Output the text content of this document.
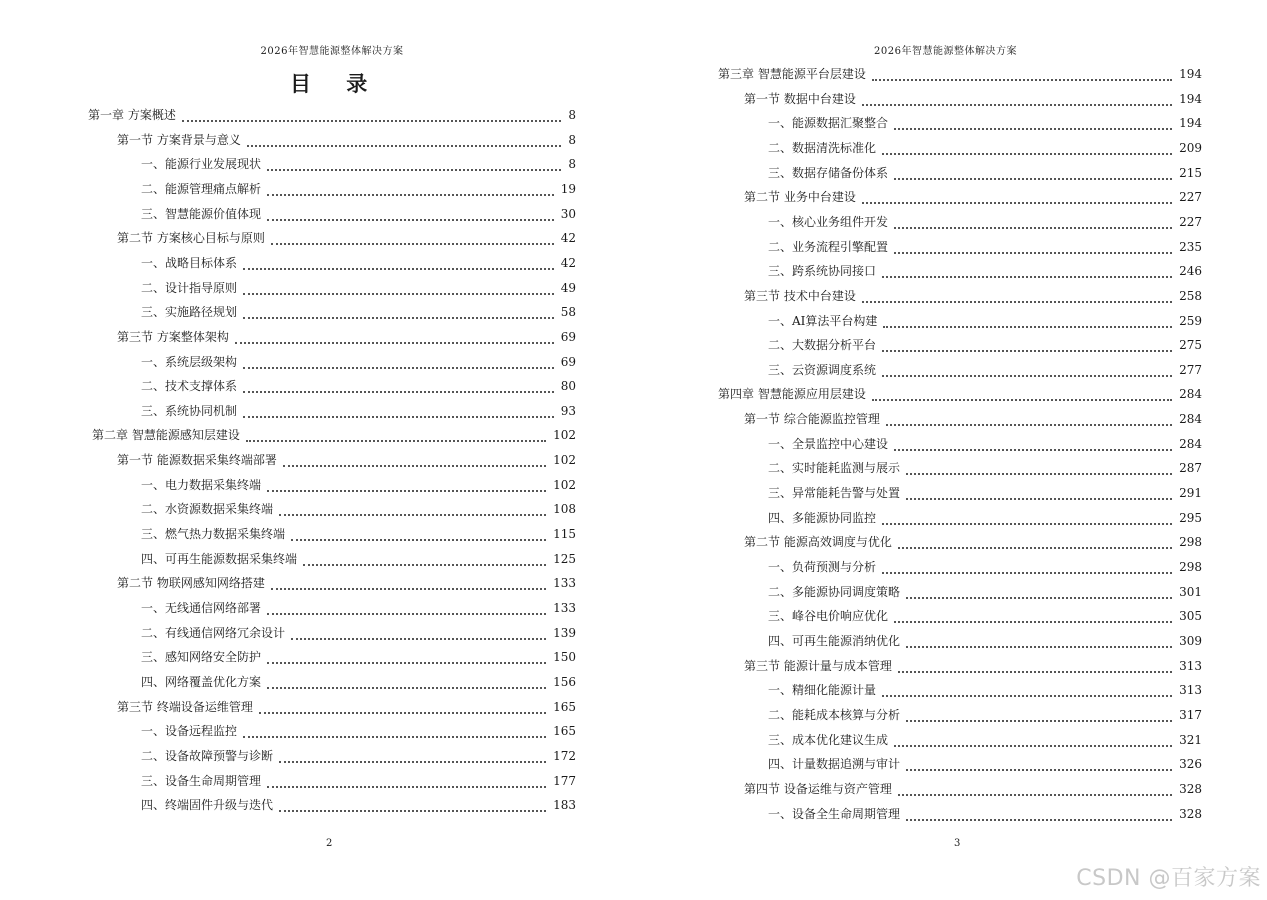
2026年智慧能源整体解决方案
目 录
第一章 方案概述	8
第一节 方案背景与意义	8
一、能源行业发展现状	8
二、能源管理痛点解析	19
三、智慧能源价值体现	30
第二节 方案核心目标与原则	42
一、战略目标体系	42
二、设计指导原则	49
三、实施路径规划	58
第三节 方案整体架构	69
一、系统层级架构	69
二、技术支撑体系	80
三、系统协同机制	93
第二章 智慧能源感知层建设	102
第一节 能源数据采集终端部署	102
一、电力数据采集终端	102
二、水资源数据采集终端	108
三、燃气热力数据采集终端	115
四、可再生能源数据采集终端	125
第二节 物联网感知网络搭建	133
一、无线通信网络部署	133
二、有线通信网络冗余设计	139
三、感知网络安全防护	150
四、网络覆盖优化方案	156
第三节 终端设备运维管理	165
一、设备远程监控	165
二、设备故障预警与诊断	172
三、设备生命周期管理	177
四、终端固件升级与迭代	183
2
2026年智慧能源整体解决方案
第三章 智慧能源平台层建设	194
第一节 数据中台建设	194
一、能源数据汇聚整合	194
二、数据清洗标准化	209
三、数据存储备份体系	215
第二节 业务中台建设	227
一、核心业务组件开发	227
二、业务流程引擎配置	235
三、跨系统协同接口	246
第三节 技术中台建设	258
一、AI算法平台构建	259
二、大数据分析平台	275
三、云资源调度系统	277
第四章 智慧能源应用层建设	284
第一节 综合能源监控管理	284
一、全景监控中心建设	284
二、实时能耗监测与展示	287
三、异常能耗告警与处置	291
四、多能源协同监控	295
第二节 能源高效调度与优化	298
一、负荷预测与分析	298
二、多能源协同调度策略	301
三、峰谷电价响应优化	305
四、可再生能源消纳优化	309
第三节 能源计量与成本管理	313
一、精细化能源计量	313
二、能耗成本核算与分析	317
三、成本优化建议生成	321
四、计量数据追溯与审计	326
第四节 设备运维与资产管理	328
一、设备全生命周期管理	328
3
CSDN @百家方案
